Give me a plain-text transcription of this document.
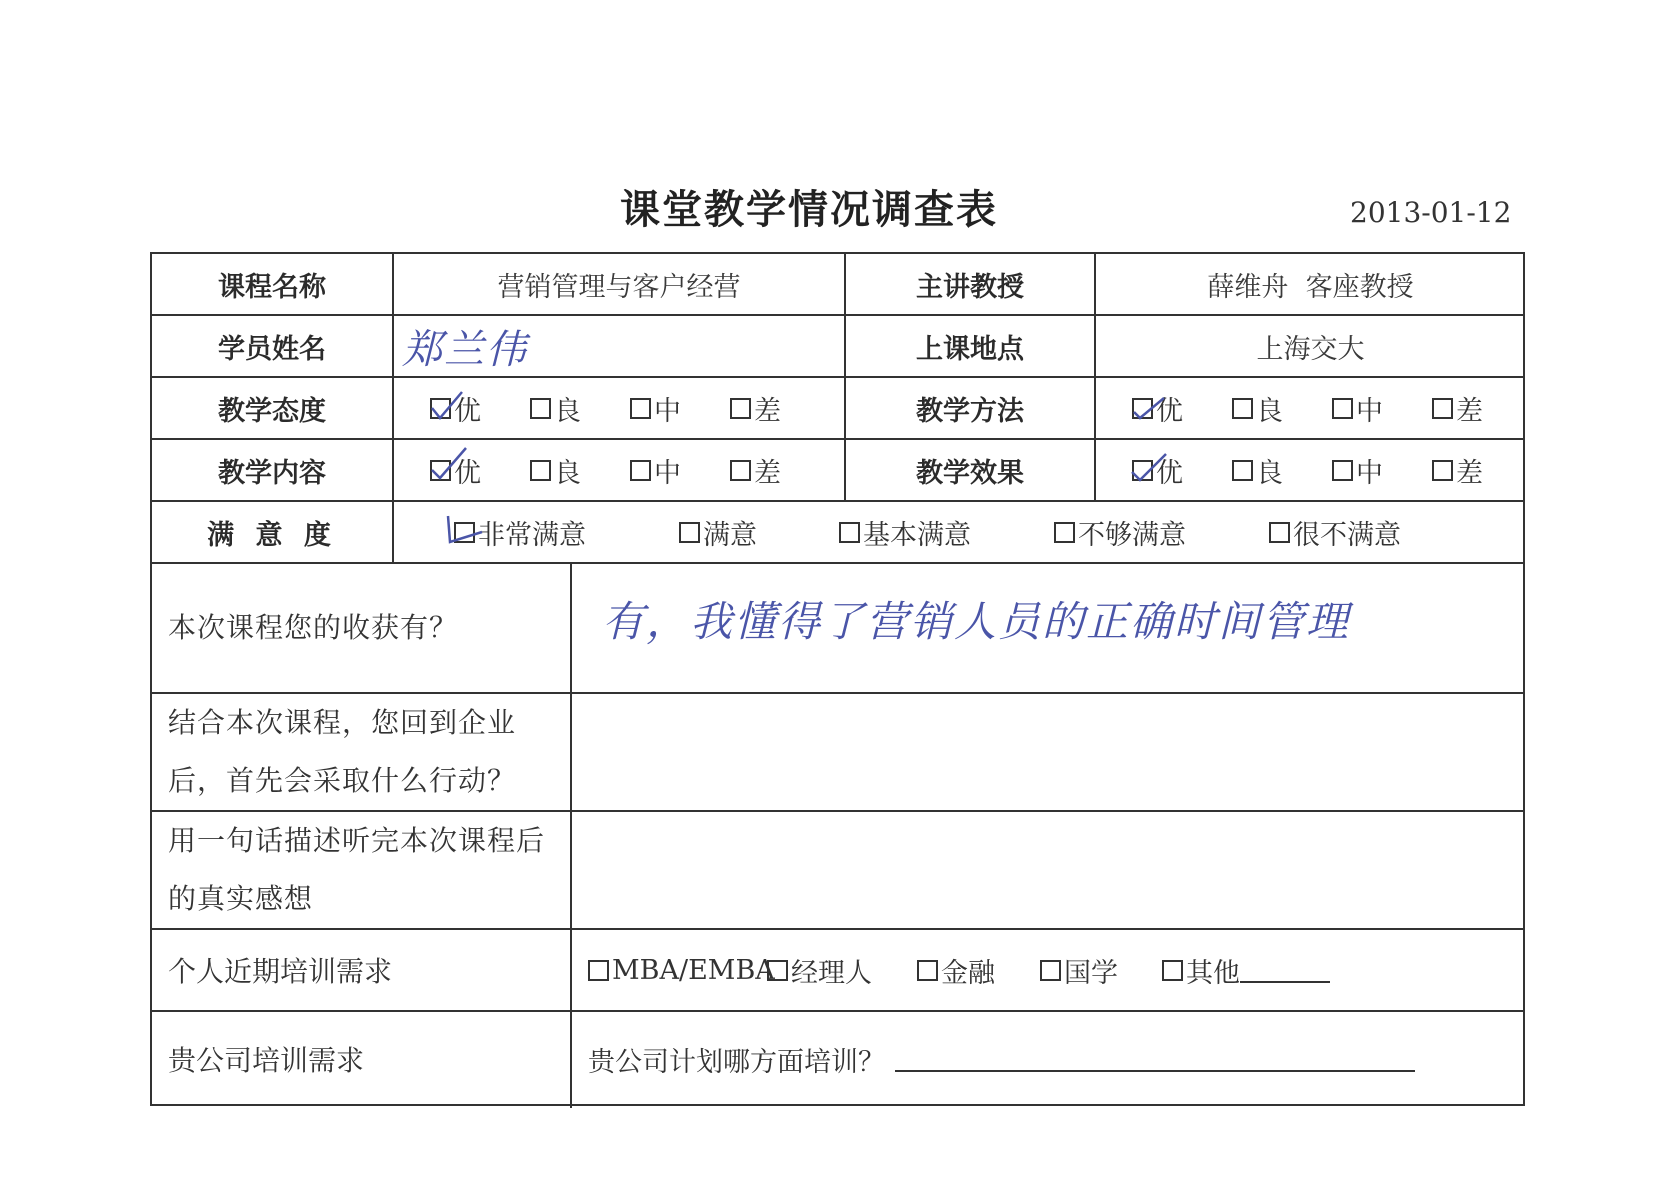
课堂教学情况调查表	2013-01-12
课程名称	营销管理与客户经营	主讲教授	薛维舟  客座教授
学员姓名	郑兰伟	上课地点	上海交大
教学态度	优	良	中	差	教学方法	优	良	中	差
教学内容	优	良	中	差	教学效果	优	良	中	差
满 意 度	非常满意	满意	基本满意	不够满意	很不满意
本次课程您的收获有？	有，我懂得了营销人员的正确时间管理
结合本次课程，您回到企业后，首先会采取什么行动？
用一句话描述听完本次课程后的真实感想
个人近期培训需求	MBA/EMBA 经理人	金融	国学	其他
贵公司培训需求	贵公司计划哪方面培训？
